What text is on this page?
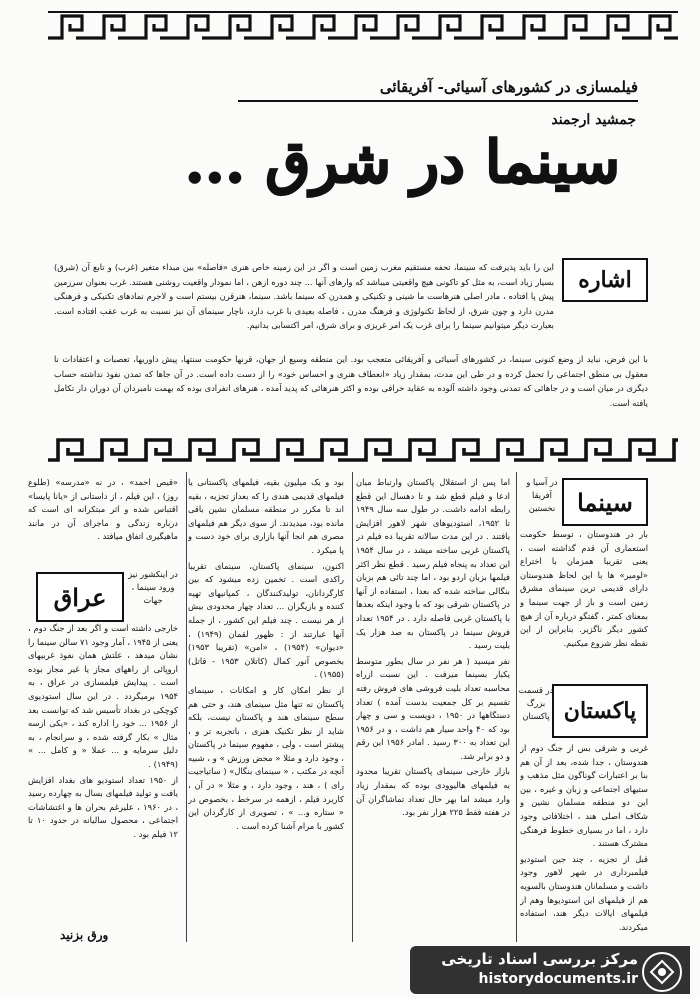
فیلمسازی در کشورهای آسیائی- آفریقائی
جمشید ارجمند
سینما در شرق ...
اشاره

این را باید پذیرفت که سینما، تحفه مستقیم مغرب زمین است و اگر در این زمینه خاص هنری «فاصله» بین مبداء متغیر (غرب) و تابع آن (شرق) بسیار زیاد است، به مثل کو تاکونی هیچ واقعیتی میباشد که وارهای آنها ... چند دوره ازهن ، اما نمودار واقعیت روشنی هستند. غرب بعنوان سرزمین پیش پا افتاده ، مادر اصلی هنرهاست ما شینی و تکنیکی و همدرن که سینما باشد. سینما، هنرقرن بیستم است و لاجرم نمادهای تکنیکی و فرهنگی مدرن دارد و چون شرق، از لحاظ تکنولوژی و فرهنگ مدرن ، فاصله بعیدی با غرب دارد، ناچار سینمای آن نیز نسبت به غرب عقب افتاده است. بعبارت دیگر میتوانیم سینما را برای غرب یک امر غریزی و برای شرق، امر اکتسابی بدانیم.

با این فرض، نباید از وضع کنونی سینما، در کشورهای آسیائی و آفریقائی متعجب بود. این منطقه وسیع از جهان، قرنها حکومت سنتها، پیش داوریها، تعصبات و اعتقادات نا معقول بی منطق اجتماعی را تحمل کرده و در طی این مدت، بمقدار زیاد «انعطاف هنری و احساس خود» را از دست داده است. در آن جاها که تمدن نفوذ نداشته حساب دیگری در میان است و در جاهائی که تمدنی وجود داشته آلوده به عقاید خرافی بوده و اکثر هنرهائی که پدید آمده ، هنرهای انفرادی بوده که بهمت نامبردان آن دوران دار تکامل یافته است.

سینما
در آسیا و آفریقا نخستین

بار در هندوستان ، توسط حکومت استعماری آن قدم گذاشته است ، یعنی تقریبا همزمان با اختراع «لومیر» ها با این لحاظ هندوستان دارای قدیمی ترین سینمای مشرق زمین است و باز از جهت سینما و بمعنای کمتر ، گفتگو درباره آن از هیچ کشور دیگر ناگزیر. بنابراین از این نقطه نظر شروع میکنیم.

پاکستان
در قسمت بزرگ پاکستان

غربی و شرقی بس از جنگ دوم از هندوستان ، جدا شده، بعد از آن هم بنا بر اعتبارات گوناگون مثل مذهب و ستیهای اجتماعی و زبان و غیره ، بین این دو منطقه مسلمان نشین و شکاف اصلی هند ، اختلافاتی وجود دارد ، اما در بسیاری خطوط فرهنگی مشترک هستند .

قبل از تجزیه ، چند جین استودیو فیلمبرداری در شهر لاهور وجود داشت و مسلمانان هندوستان بالسویه هم از فیلمهای این استودیوها وهم از فیلمهای ایالات دیگر هند، استفاده میکردند.

اما پس از استقلال پاکستان وارتباط میان ادعا و فیلم قطع شد و تا دهسال این قطع رابطه ادامه داشت. در طول سه سال ۱۹۴۹ تا ۱۹۵۲، استودیوهای شهر لاهور افزایش یافتند . در این مدت سالانه تقریبا ده فیلم در پاکستان غربی ساخته میشد ، در سال ۱۹۵۴ این تعداد به پنجاه فیلم رسید . قطع نظر اکثر فیلمها بزبان اردو بود ، اما چند تائی هم بزبان بنگالی ساخته شده که بعدا ، استفاده از آنها در پاکستان شرقی بود که با وجود اینکه بعدها با پاکستان غربی فاصله دارد . در ۱۹۵۴ تعداد فروش سینما در پاکستان به صد هزار یک بلیت رسید .

نفر میسید ( هر نفر در سال بطور متوسط یکبار بسینما میرفت . این نسبت ازراه محاسبه تعداد بلیت فروشی های فروش رفته تقسیم بر کل جمعیت بدست آمده ) تعداد دستگاهها در ۱۹۵۰ ، دویست و سی و چهار بود که ۴۰ واحد سیار هم داشت ، و در ۱۹۵۶ این تعداد به ۳۰۰ رسید . امادر ۱۹۵۶ این رقم و دو برابر شد.

بازار خارجی سینمای پاکستان تقریبا محدود به فیلمهای هالیوودی بوده که بمقدار زیاد وارد میشد اما بهر حال تعداد تماشاگران آن در هفته فقط ۲۲۵ هزار نفر بود.

بود و یک میلیون بقیه، فیلمهای پاکستانی یا فیلمهای قدیمی هندی را که بعداز تجزیه ، بقیه اند تا مکرر در منطقه مسلمان نشین باقی مانده بود، میدیدند. از سوی دیگر هم فیلمهای مصری هم انجا آنها بازاری برای خود دست و پا میکرد .

اکنون، سینمای پاکستان، سینمای تقریبا راکدی است . تخمین زده میشود که بین کارگردانان، تولیدکنندگان ، کمپانیهای تهیه کننده و بازیگران ... تعداد چهار محدودی بیش از هر نیست . چند فیلم این کشور ، از جمله آنها عبارتند از : ظهور لقمان (۱۹۴۹) ، «دیوان» (۱۹۵۴) ، «امن» (تقریبا ۱۹۵۳) بخصوص آنور کمال (کاتلان ۱۹۵۳ - قاتل) (۱۹۵۵) .

از نظر امکان کار و امکانات ، سینمای پاکستان نه تنها مثل سینمای هند، و حتی هم سطح سینمای هند و پاکستان نیست، بلکه شاید از نظر تکنیک هنری ، باتجربه تر و ، پیشتر است ، ولی ، مفهوم سینما در پاکستان ، وجود دارد و مثلا « محض ورزش » و ، شبیه آنچه در مکتب ، « سینمای بنگال» ( ساتیاجیت رای ) ، هند ، وجود دارد ، و مثلا « در آن ، کاربرد فیلم ، ازهمه در سرخط ، بخصوص در « ستاره و... » ، تصویری از کارگردان این کشور با مرام آشنا کرده است .

«قیص احمد» ، در نه «مدرسه» (طلوع روز) ، این فیلم ، از داستانی از «یانا پایسا» اقتباس شده و اثر مبتکرانه ای است که درباره زندگی و ماجرای آن در مانند ماهیگیری اتفاق میافتد .

عراق
در اینکشور نیز ورود سینما ، جهات

خارجی داشته است و اگر بعد از جنگ دوم ، یعنی از ۱۹۴۵ ، آمار وجود ۷۱ سالن سینما را نشان میدهد ، علتش همان نفوذ غربیهای اروپائی از راههای مجاز یا غیر مجاز بوده است . پیدایش فیلمسازی در عراق ، به ۱۹۵۴ برمیگردد . در این سال استودیوی کوچکی در بغداد تأسیس شد که توانست بعد از ۱۹۵۶ ... خود را اداره کند ، «یکی ازسه مثال » بکار گرفته شده ، و سرانجام ، به دلیل سرمایه و ... عملا « و کامل ... » (۱۹۴۹) .

از ۱۹۵۰ تعداد استودیو های بغداد افزایش یافت و تولید فیلمهای بسال به چهارده رسید ، در ۱۹۶۰ ، علیرغم بحران ها و اغتشاشات اجتماعی ، محصول سالیانه در حدود ۱۰ تا ۱۲ فیلم بود .

ورق بزنید
مرکز بررسی اسناد تاریخی
historydocuments.ir
